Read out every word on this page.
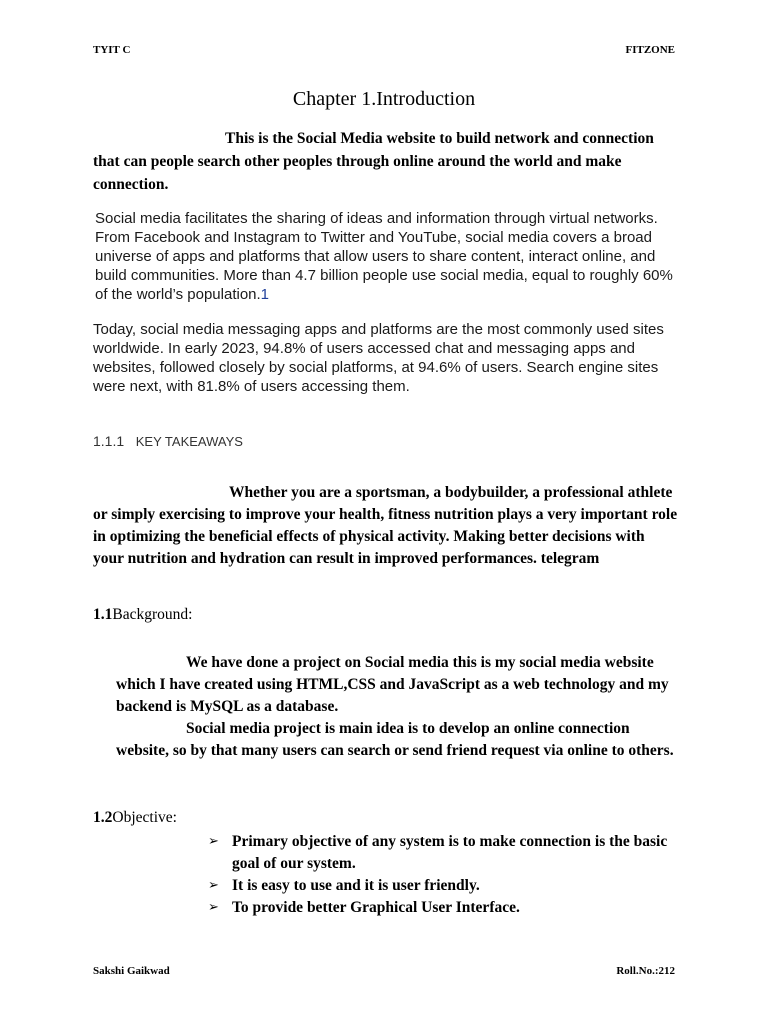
TYIT C	FITZONE
Chapter 1.Introduction

This is the Social Media website to build network and connection that can people search other peoples through online around the world and make connection.

Social media facilitates the sharing of ideas and information through virtual networks. From Facebook and Instagram to Twitter and YouTube, social media covers a broad universe of apps and platforms that allow users to share content, interact online, and build communities. More than 4.7 billion people use social media, equal to roughly 60% of the world’s population.1

Today, social media messaging apps and platforms are the most commonly used sites worldwide. In early 2023, 94.8% of users accessed chat and messaging apps and websites, followed closely by social platforms, at 94.6% of users. Search engine sites were next, with 81.8% of users accessing them.

1.1.1 KEY TAKEAWAYS

Whether you are a sportsman, a bodybuilder, a professional athlete or simply exercising to improve your health, fitness nutrition plays a very important role in optimizing the beneficial effects of physical activity. Making better decisions with your nutrition and hydration can result in improved performances. telegram

1.1Background:

We have done a project on Social media this is my social media website which I have created using HTML,CSS and JavaScript as a web technology and my backend is MySQL as a database.

Social media project is main idea is to develop an online connection website, so by that many users can search or send friend request via online to others.

1.2Objective:
➢ Primary objective of any system is to make connection is the basic goal of our system.
➢ It is easy to use and it is user friendly.
➢ To provide better Graphical User Interface.
Sakshi Gaikwad	Roll.No.:212
